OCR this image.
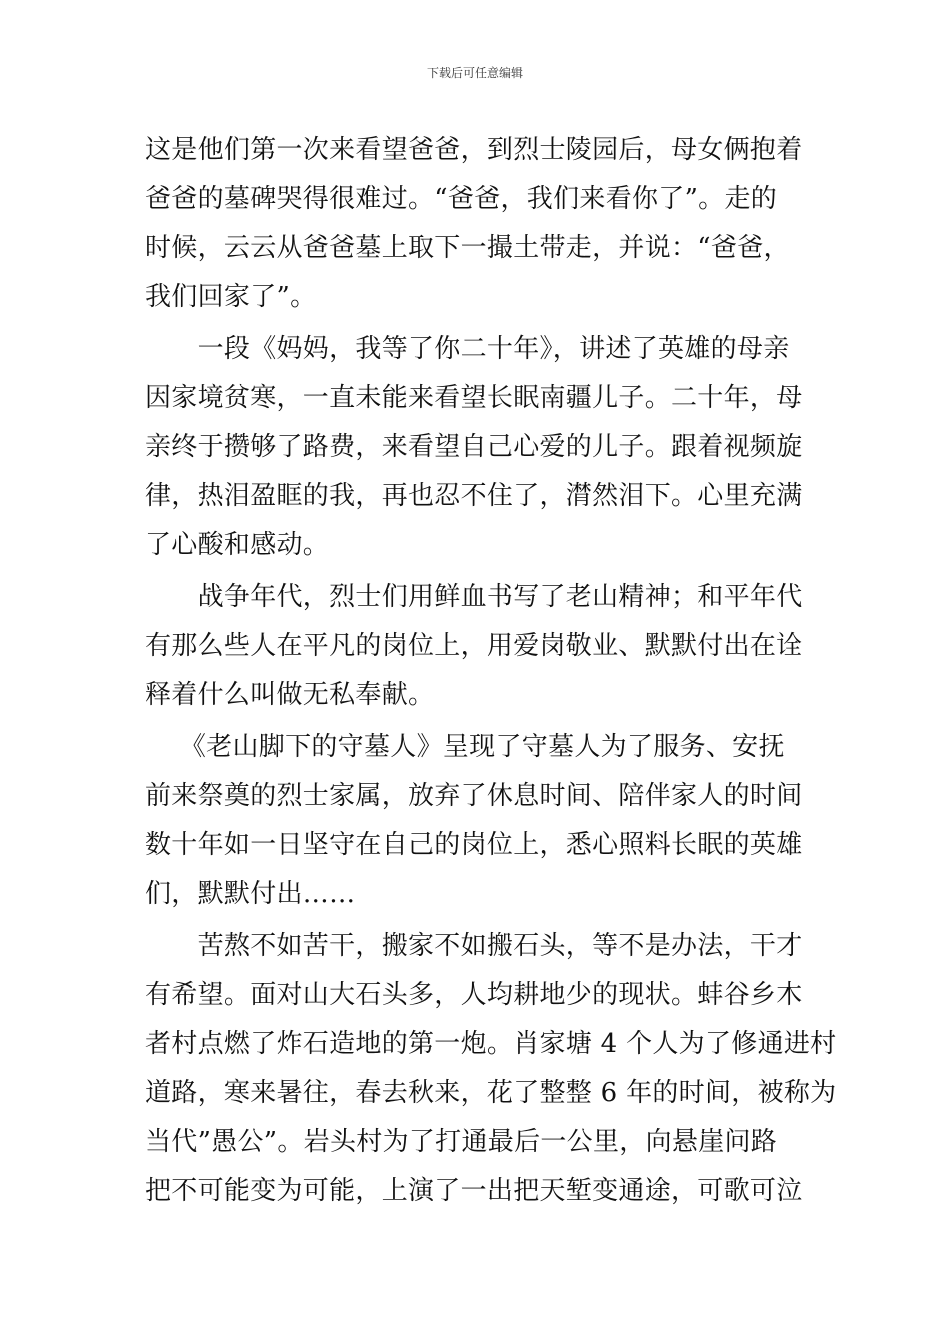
下载后可任意编辑
这是他们第一次来看望爸爸，到烈士陵园后，母女俩抱着
爸爸的墓碑哭得很难过。“爸爸，我们来看你了”。走的
时候，云云从爸爸墓上取下一撮土带走，并说：“爸爸，
我们回家了”。
　　一段《妈妈，我等了你二十年》，讲述了英雄的母亲
因家境贫寒，一直未能来看望长眠南疆儿子。二十年，母
亲终于攒够了路费，来看望自己心爱的儿子。跟着视频旋
律，热泪盈眶的我，再也忍不住了，潸然泪下。心里充满
了心酸和感动。
　　战争年代，烈士们用鲜血书写了老山精神；和平年代
有那么些人在平凡的岗位上，用爱岗敬业、默默付出在诠
释着什么叫做无私奉献。
　 《老山脚下的守墓人》呈现了守墓人为了服务、安抚
前来祭奠的烈士家属，放弃了休息时间、陪伴家人的时间
数十年如一日坚守在自己的岗位上，悉心照料长眠的英雄
们，默默付出……
　　苦熬不如苦干，搬家不如搬石头，等不是办法，干才
有希望。面对山大石头多，人均耕地少的现状。蚌谷乡木
者村点燃了炸石造地的第一炮。肖家塘 4 个人为了修通进村
道路，寒来暑往，春去秋来，花了整整 6 年的时间，被称为
当代”愚公”。岩头村为了打通最后一公里，向悬崖问路
把不可能变为可能，上演了一出把天堑变通途，可歌可泣
